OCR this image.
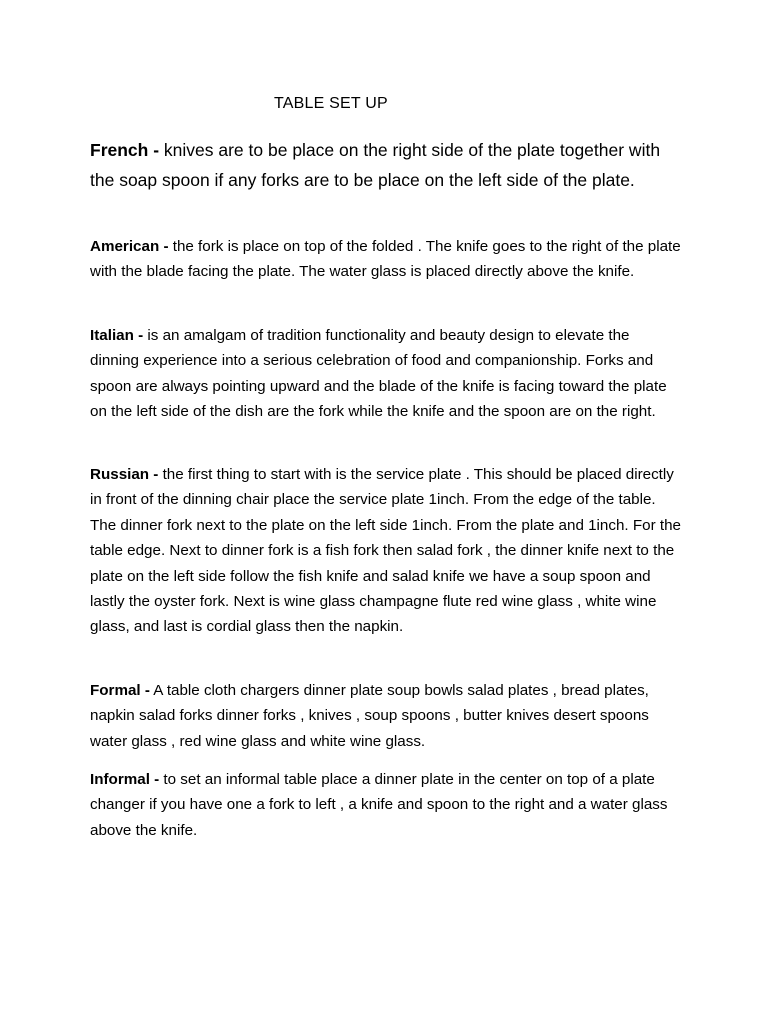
TABLE SET UP

French - knives are to be place on the right side of the plate together with the soap spoon if any forks are to be place on the left side of the plate.

American - the fork is place on top of the folded . The knife goes to the right of the plate with the blade facing the plate. The water glass is placed directly above the knife.

Italian - is an amalgam of tradition functionality and beauty design to elevate the dinning experience into a serious celebration of food and companionship. Forks and spoon are always pointing upward and the blade of the knife is facing toward the plate on the left side of the dish are the fork while the knife and the spoon are on the right.

Russian - the first thing to start with is the service plate . This should be placed directly in front of the dinning chair place the service plate 1inch. From the edge of the table. The dinner fork next to the plate on the left side 1inch. From the plate and 1inch. For the table edge. Next to dinner fork is a fish fork then salad fork , the dinner knife next to the plate on the left side follow the fish knife and salad knife we have a soup spoon and lastly the oyster fork. Next is wine glass champagne flute red wine glass , white wine glass, and last is cordial glass then the napkin.

Formal - A table cloth chargers dinner plate soup bowls salad plates , bread plates, napkin salad forks dinner forks , knives , soup spoons , butter knives desert spoons water glass , red wine glass and white wine glass.

Informal - to set an informal table place a dinner plate in the center on top of a plate changer if you have one a fork to left , a knife and spoon to the right and a water glass above the knife.
